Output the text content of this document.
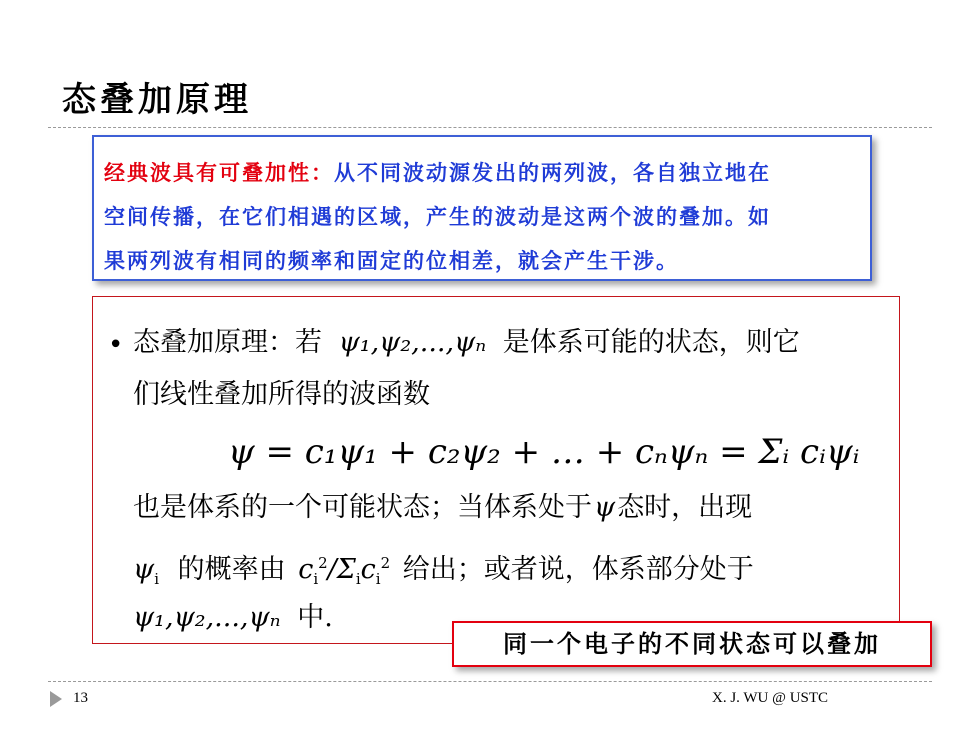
态叠加原理
经典波具有可叠加性：从不同波动源发出的两列波，各自独立地在
空间传播，在它们相遇的区域，产生的波动是这两个波的叠加。如
果两列波有相同的频率和固定的位相差，就会产生干涉。
• 态叠加原理：若 ψ₁,ψ₂,...,ψₙ 是体系可能的状态，则它
们线性叠加所得的波函数
ψ = c₁ψ₁ + c₂ψ₂ + … + cₙψₙ = Σᵢ cᵢψᵢ
也是体系的一个可能状态；当体系处于ψ态时，出现
$\psi_i$ 的概率由 $c_i^2/\Sigma_ic_i^2$ 给出；或者说，体系部分处于
ψ₁,ψ₂,...,ψₙ 中.
同一个电子的不同状态可以叠加
13	X. J. WU @ USTC
